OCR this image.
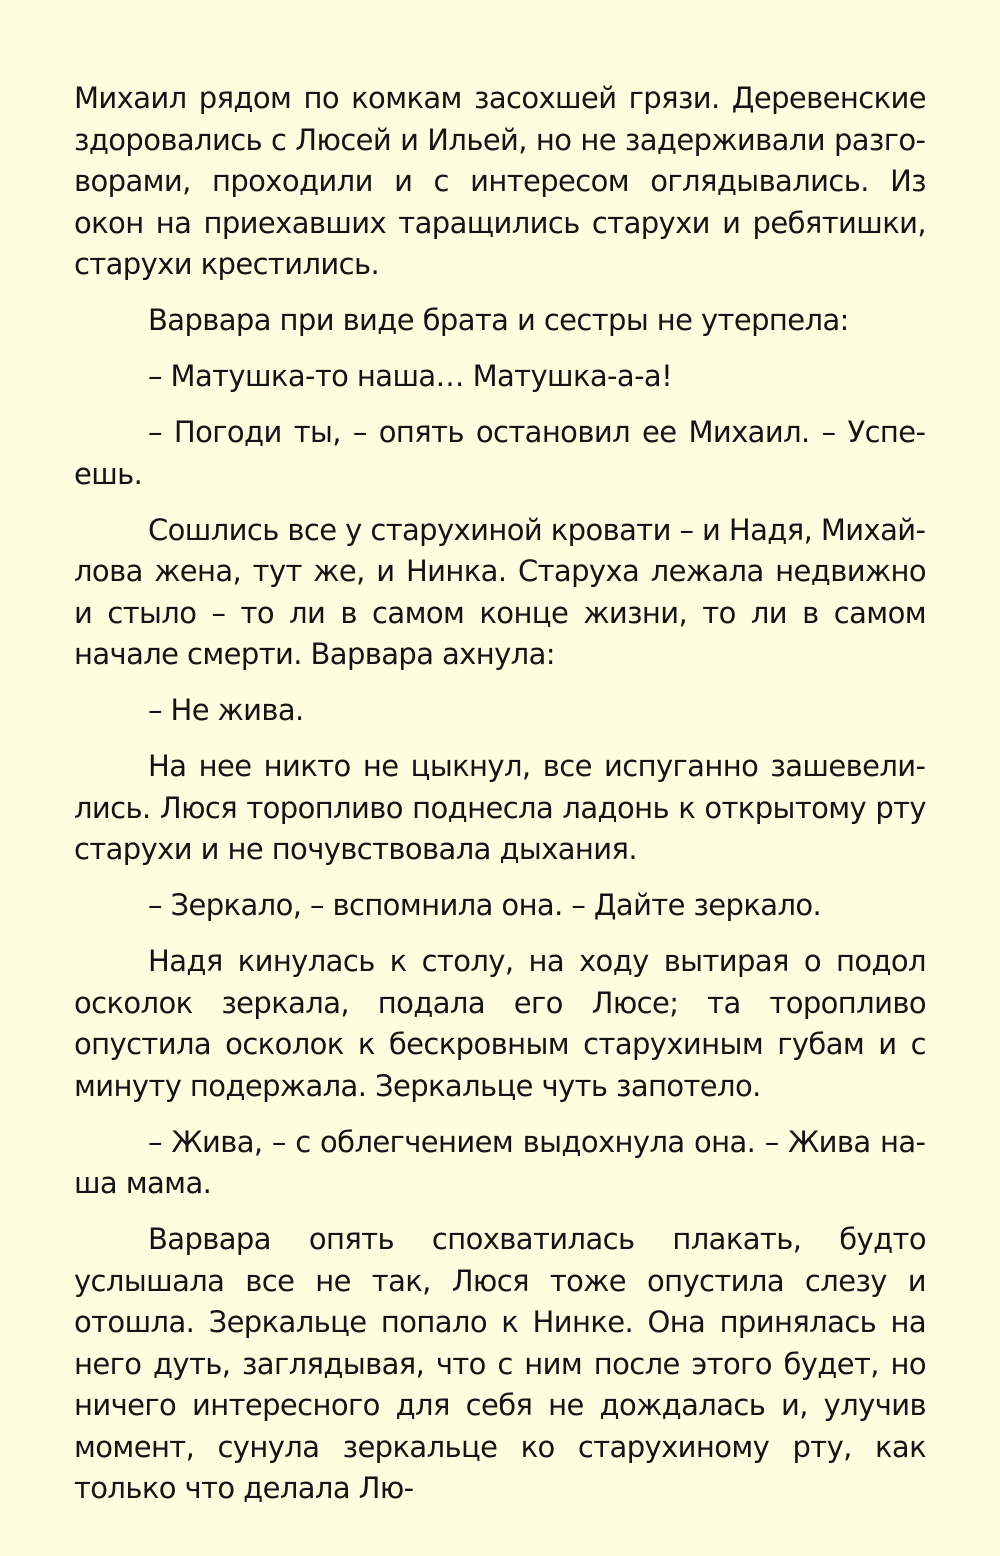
Михаил рядом по комкам засохшей грязи. Деревенские здоровались с Люсей и Ильей, но не задерживали разговорами, проходили и с интересом оглядывались. Из окон на приехавших таращились старухи и ребятишки, старухи крестились.

Варвара при виде брата и сестры не утерпела:

– Матушка-то наша… Матушка-а-а!

– Погоди ты, – опять остановил ее Михаил. – Успеешь.

Сошлись все у старухиной кровати – и Надя, Михайлова жена, тут же, и Нинка. Старуха лежала недвижно и стыло – то ли в самом конце жизни, то ли в самом начале смерти. Варвара ахнула:

– Не жива.

На нее никто не цыкнул, все испуганно зашевелились. Люся торопливо поднесла ладонь к открытому рту старухи и не почувствовала дыхания.

– Зеркало, – вспомнила она. – Дайте зеркало.

Надя кинулась к столу, на ходу вытирая о подол осколок зеркала, подала его Люсе; та торопливо опустила осколок к бескровным старухиным губам и с минуту подержала. Зеркальце чуть запотело.

– Жива, – с облегчением выдохнула она. – Жива наша мама.

Варвара опять спохватилась плакать, будто услышала все не так, Люся тоже опустила слезу и отошла. Зеркальце попало к Нинке. Она принялась на него дуть, заглядывая, что с ним после этого будет, но ничего интересного для себя не дождалась и, улучив момент, сунула зеркальце ко старухиному рту, как только что делала Лю-
